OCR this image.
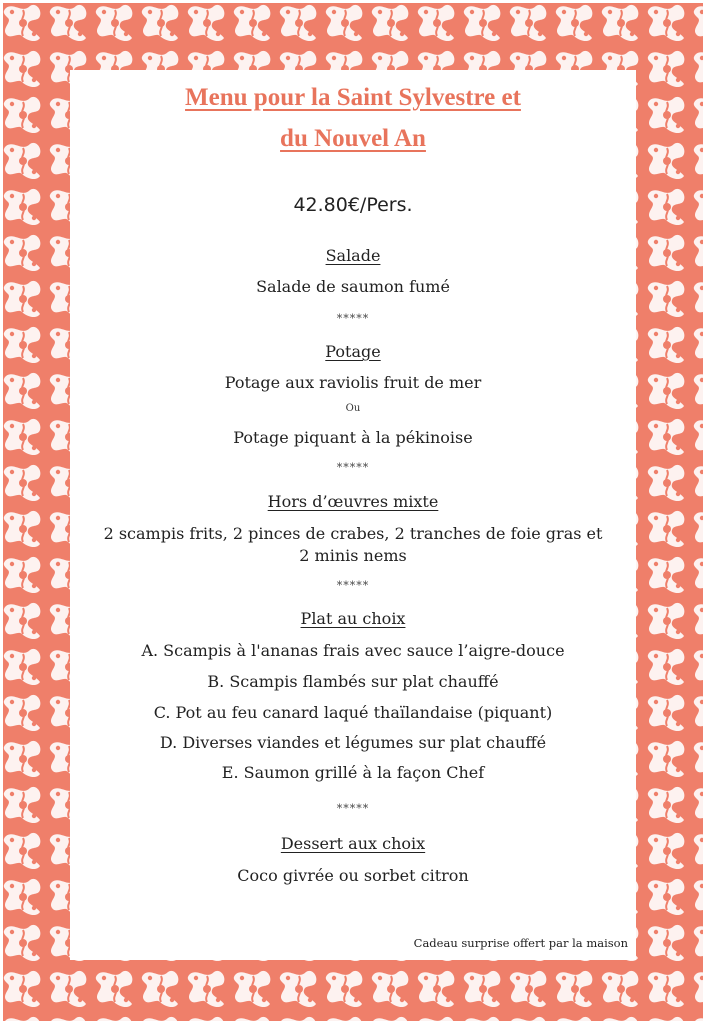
Menu pour la Saint Sylvestre et
du Nouvel An
42.80€/Pers.
Salade
Salade de saumon fumé
*****
Potage
Potage aux raviolis fruit de mer
Ou
Potage piquant à la pékinoise
*****
Hors d’œuvres mixte
2 scampis frits, 2 pinces de crabes, 2 tranches de foie gras et
2 minis nems
*****
Plat au choix
A. Scampis à l'ananas frais avec sauce l’aigre-douce
B. Scampis flambés sur plat chauffé
C. Pot au feu canard laqué thaïlandaise (piquant)
D. Diverses viandes et légumes sur plat chauffé
E. Saumon grillé à la façon Chef
*****
Dessert aux choix
Coco givrée ou sorbet citron
Cadeau surprise offert par la maison
